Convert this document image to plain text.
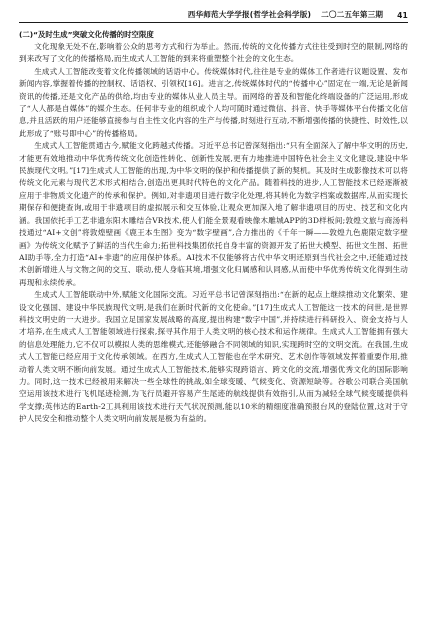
西华师范大学学报(哲学社会科学版) 二〇二五年第三期 41
(二)“及时生成”突破文化传播的时空限度

文化现象无处不在,影响着公众的思考方式和行为举止。然而,传统的文化传播方式往往受到时空的限制,网络的到来改写了文化的传播格局,而生成式人工智能的到来将重塑整个社会的文化生态。

生成式人工智能改变着文化传播领域的话语中心。传统媒体时代,往往是专业的媒体工作者进行议题设置、发布新闻内容,掌握着传播的控制权、话语权、引领权[16]。进言之,传统媒体时代的“传播中心”固定在一端,无论是新闻资讯的传播,还是文化产品的供给,均由专业的媒体从业人员主导。而网络的普及和智能化终端设备的广泛运用,形成了“人人都是自媒体”的媒介生态。任何非专业的组织或个人均可随时通过微信、抖音、快手等媒体平台传播文化信息,并且活跃的用户还能够直接参与自主性文化内容的生产与传播,时刻进行互动,不断增强传播的快捷性、时效性,以此形成了“账号即中心”的传播格局。

生成式人工智能贯通古今,赋能文化跨越式传播。习近平总书记曾深刻指出:“只有全面深入了解中华文明的历史,才能更有效地推动中华优秀传统文化创造性转化、创新性发展,更有力地推进中国特色社会主义文化建设,建设中华民族现代文明。”[17]生成式人工智能的出现,为中华文明的保护和传播提供了新的契机。其及时生成影像技术可以将传统文化元素与现代艺术形式相结合,创造出更具时代特色的文化产品。随着科技的进步,人工智能技术已经逐渐被应用于非物质文化遗产的传承和保护。例如,对非遗项目进行数字化处理,将其转化为数字档案或数据库,从而实现长期保存和便捷查询,或用于非遗项目的虚拟展示和交互体验,让观众更加深入地了解非遗项目的历史、技艺和文化内涵。我国依托手工艺非遗东阳木雕结合VR技术,使人们能全景观看映像木雕城APP的3D样板间;敦煌文旅与商汤科技通过“AI+文创”将敦煌壁画《鹿王本生图》变为“数字壁画”,合力推出的《千年一瞬——敦煌九色鹿限定数字壁画》为传统文化赋予了鲜活的当代生命力;拓世科技集团依托自身丰富的资源开发了拓世大模型、拓世文生图、拓世AI助手等,全力打造“AI+非遗”的应用保护体系。AI技术不仅能够将古代中华文明还原到当代社会之中,还能通过技术创新增进人与文物之间的交互、联动,使人身临其境,增强文化归属感和认同感,从而使中华优秀传统文化得到生动再现和永续传承。

生成式人工智能联动中外,赋能文化国际交流。习近平总书记曾深刻指出:“在新的起点上继续推动文化繁荣、建设文化强国、建设中华民族现代文明,是我们在新时代新的文化使命。”[17]生成式人工智能这一技术的问世,是世界科技文明史的一大进步。我国立足国家发展战略的高度,提出构建“数字中国”,并持续进行科研投入、资金支持与人才培养,在生成式人工智能领域进行探索,探寻其作用于人类文明的核心技术和运作规律。生成式人工智能拥有强大的信息处理能力,它不仅可以模拟人类的思维模式,还能够融合不同领域的知识,实现跨时空的文明交流。在我国,生成式人工智能已经应用于文化传承领域。在西方,生成式人工智能也在学术研究、艺术创作等领域发挥着重要作用,推动着人类文明不断向前发展。通过生成式人工智能技术,能够实现跨语言、跨文化的交流,增强优秀文化的国际影响力。同时,这一技术已经被用来解决一些全球性的挑战,如全球变暖、气候变化、资源短缺等。谷歌公司联合美国航空运用该技术进行飞机尾迹检测,为飞行员避开容易产生尾迹的航线提供有效指引,从而为减轻全球气候变暖提供科学支撑;英伟达的Earth-2工具利用该技术进行天气状况预测,能以10米的精细度准确预报台风的登陆位置,这对于守护人民安全和推动整个人类文明向前发展是极为有益的。
